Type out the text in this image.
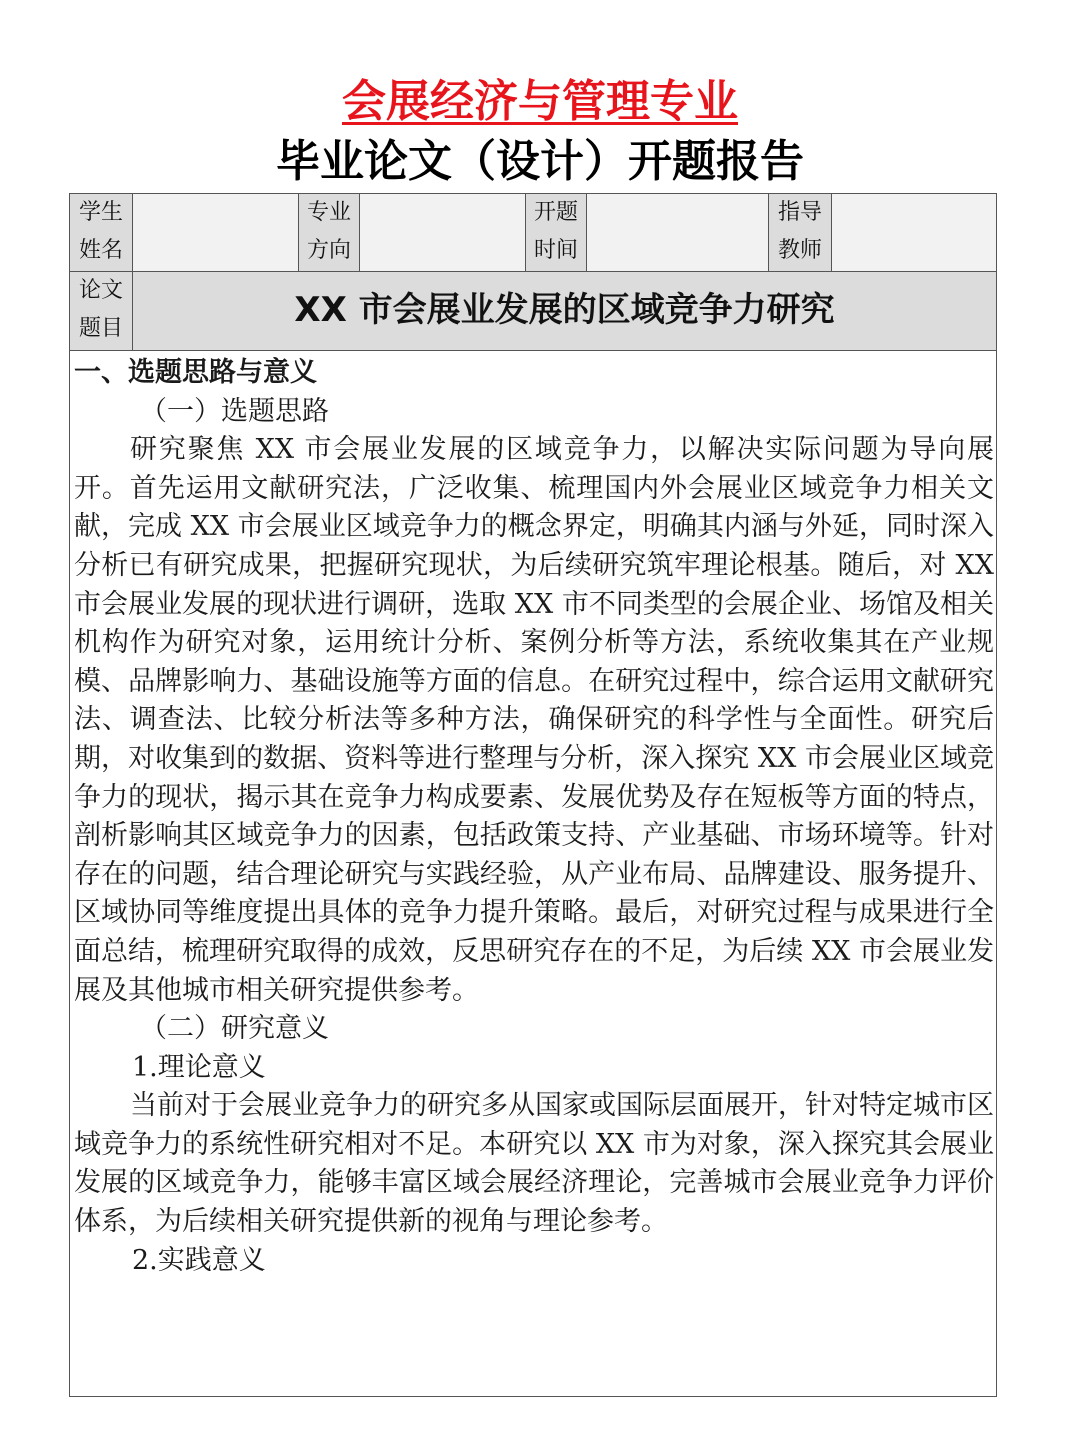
会展经济与管理专业
毕业论文（设计）开题报告
学生
姓名
专业
方向
开题
时间
指导
教师
论文
题目	XX 市会展业发展的区域竞争力研究
一、选题思路与意义
（一）选题思路
研究聚焦 XX 市会展业发展的区域竞争力，以解决实际问题为导向展开。首先运用文献研究法，广泛收集、梳理国内外会展业区域竞争力相关文献，完成 XX 市会展业区域竞争力的概念界定，明确其内涵与外延，同时深入分析已有研究成果，把握研究现状，为后续研究筑牢理论根基。随后，对 XX 市会展业发展的现状进行调研，选取 XX 市不同类型的会展企业、场馆及相关机构作为研究对象，运用统计分析、案例分析等方法，系统收集其在产业规模、品牌影响力、基础设施等方面的信息。在研究过程中，综合运用文献研究法、调查法、比较分析法等多种方法，确保研究的科学性与全面性。研究后期，对收集到的数据、资料等进行整理与分析，深入探究 XX 市会展业区域竞争力的现状，揭示其在竞争力构成要素、发展优势及存在短板等方面的特点，剖析影响其区域竞争力的因素，包括政策支持、产业基础、市场环境等。针对存在的问题，结合理论研究与实践经验，从产业布局、品牌建设、服务提升、区域协同等维度提出具体的竞争力提升策略。最后，对研究过程与成果进行全面总结，梳理研究取得的成效，反思研究存在的不足，为后续 XX 市会展业发展及其他城市相关研究提供参考。
（二）研究意义
1.理论意义
当前对于会展业竞争力的研究多从国家或国际层面展开，针对特定城市区域竞争力的系统性研究相对不足。本研究以 XX 市为对象，深入探究其会展业发展的区域竞争力，能够丰富区域会展经济理论，完善城市会展业竞争力评价体系，为后续相关研究提供新的视角与理论参考。
2.实践意义
